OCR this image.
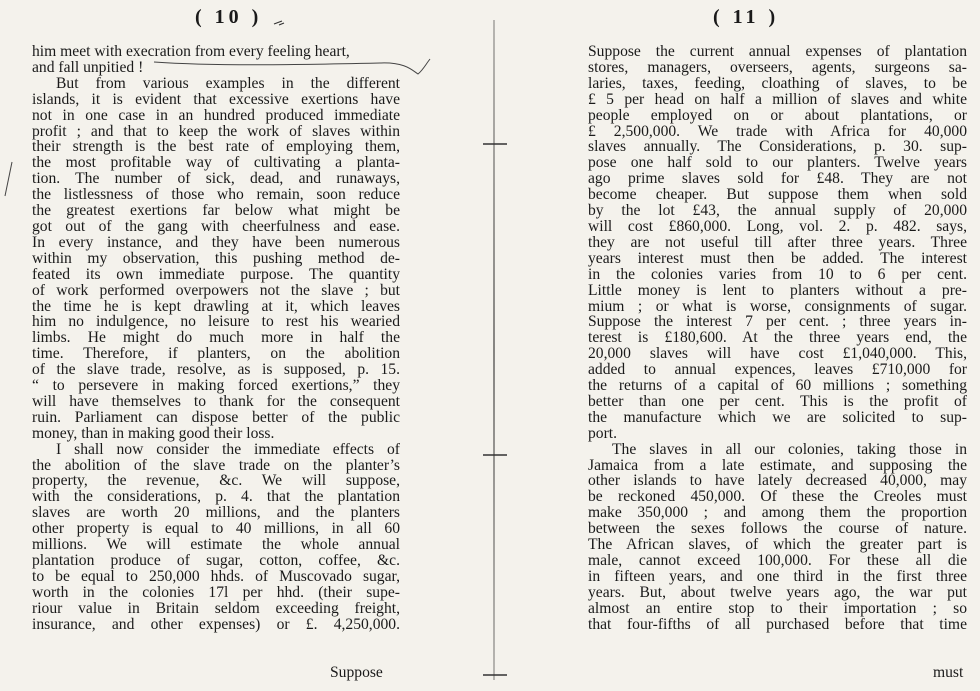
( 10 )
him meet with execration from every feeling heart,
and fall unpitied !
But from various examples in the different
islands, it is evident that excessive exertions have
not in one case in an hundred produced immediate
profit ; and that to keep the work of slaves within
their strength is the best rate of employing them,
the most profitable way of cultivating a planta-
tion. The number of sick, dead, and runaways,
the listlessness of those who remain, soon reduce
the greatest exertions far below what might be
got out of the gang with cheerfulness and ease.
In every instance, and they have been numerous
within my observation, this pushing method de-
feated its own immediate purpose. The quantity
of work performed overpowers not the slave ; but
the time he is kept drawling at it, which leaves
him no indulgence, no leisure to rest his wearied
limbs. He might do much more in half the
time. Therefore, if planters, on the abolition
of the slave trade, resolve, as is supposed, p. 15.
“ to persevere in making forced exertions,” they
will have themselves to thank for the consequent
ruin. Parliament can dispose better of the public
money, than in making good their loss.
I shall now consider the immediate effects of
the abolition of the slave trade on the planter’s
property, the revenue, &c. We will suppose,
with the considerations, p. 4. that the plantation
slaves are worth 20 millions, and the planters
other property is equal to 40 millions, in all 60
millions. We will estimate the whole annual
plantation produce of sugar, cotton, coffee, &c.
to be equal to 250,000 hhds. of Muscovado sugar,
worth in the colonies 17l per hhd. (their supe-
riour value in Britain seldom exceeding freight,
insurance, and other expenses) or £. 4,250,000.
Suppose
( 11 )
Suppose the current annual expenses of plantation
stores, managers, overseers, agents, surgeons sa-
laries, taxes, feeding, cloathing of slaves, to be
£ 5 per head on half a million of slaves and white
people employed on or about plantations, or
£ 2,500,000. We trade with Africa for 40,000
slaves annually. The Considerations, p. 30. sup-
pose one half sold to our planters. Twelve years
ago prime slaves sold for £48. They are not
become cheaper. But suppose them when sold
by the lot £43, the annual supply of 20,000
will cost £860,000. Long, vol. 2. p. 482. says,
they are not useful till after three years. Three
years interest must then be added. The interest
in the colonies varies from 10 to 6 per cent.
Little money is lent to planters without a pre-
mium ; or what is worse, consignments of sugar.
Suppose the interest 7 per cent. ; three years in-
terest is £180,600. At the three years end, the
20,000 slaves will have cost £1,040,000. This,
added to annual expences, leaves £710,000 for
the returns of a capital of 60 millions ; something
better than one per cent. This is the profit of
the manufacture which we are solicited to sup-
port.
The slaves in all our colonies, taking those in
Jamaica from a late estimate, and supposing the
other islands to have lately decreased 40,000, may
be reckoned 450,000. Of these the Creoles must
make 350,000 ; and among them the proportion
between the sexes follows the course of nature.
The African slaves, of which the greater part is
male, cannot exceed 100,000. For these all die
in fifteen years, and one third in the first three
years. But, about twelve years ago, the war put
almost an entire stop to their importation ; so
that four-fifths of all purchased before that time
must
